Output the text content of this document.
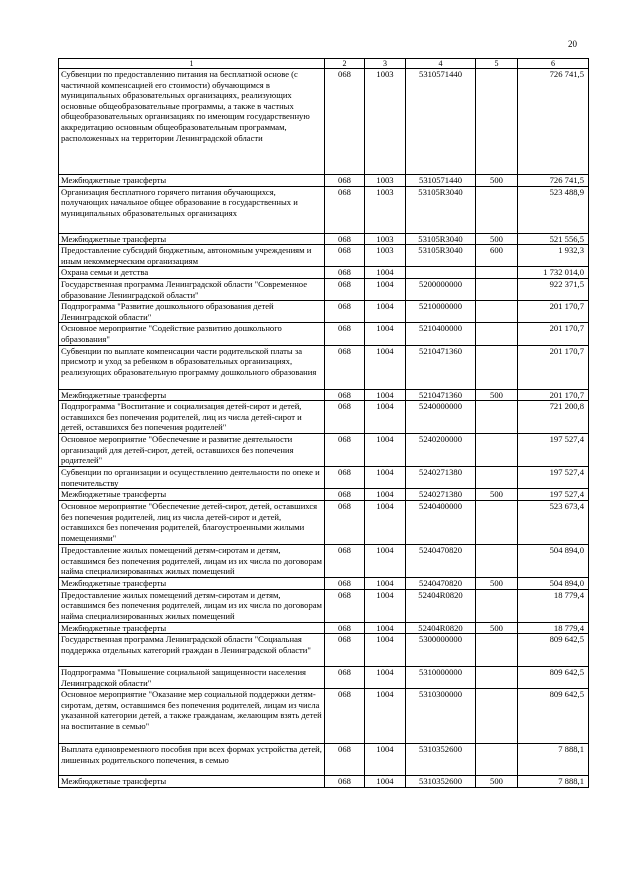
20
1	2	3	4	5	6
Субвенции по предоставлению питания на бесплатной основе (с частичной компенсацией его стоимости) обучающимся в муниципальных образовательных организациях, реализующих основные общеобразовательные программы, а также в частных общеобразовательных организациях по имеющим государственную аккредитацию основным общеобразовательным программам, расположенных на территории Ленинградской области	068	1003	5310571440		726 741,5
Межбюджетные трансферты	068	1003	5310571440	500	726 741,5
Организация бесплатного горячего питания обучающихся, получающих начальное общее образование в государственных и муниципальных образовательных организациях	068	1003	53105R3040		523 488,9
Межбюджетные трансферты	068	1003	53105R3040	500	521 556,5
Предоставление субсидий бюджетным, автономным учреждениям и иным некоммерческим организациям	068	1003	53105R3040	600	1 932,3
Охрана семьи и детства	068	1004			1 732 014,0
Государственная программа Ленинградской области "Современное образование Ленинградской области"	068	1004	5200000000		922 371,5
Подпрограмма "Развитие дошкольного образования детей Ленинградской области"	068	1004	5210000000		201 170,7
Основное мероприятие "Содействие развитию дошкольного образования"	068	1004	5210400000		201 170,7
Субвенции по выплате компенсации части родительской платы за присмотр и уход за ребенком в образовательных организациях, реализующих образовательную программу дошкольного образования	068	1004	5210471360		201 170,7
Межбюджетные трансферты	068	1004	5210471360	500	201 170,7
Подпрограмма "Воспитание и социализация детей-сирот и детей, оставшихся без попечения родителей, лиц из числа детей-сирот и детей, оставшихся без попечения родителей"	068	1004	5240000000		721 200,8
Основное мероприятие "Обеспечение и развитие деятельности организаций для детей-сирот, детей, оставшихся без попечения родителей"	068	1004	5240200000		197 527,4
Субвенции по организации и осуществлению деятельности по опеке и попечительству	068	1004	5240271380		197 527,4
Межбюджетные трансферты	068	1004	5240271380	500	197 527,4
Основное мероприятие "Обеспечение детей-сирот, детей, оставшихся без попечения родителей, лиц из числа детей-сирот и детей, оставшихся без попечения родителей, благоустроенными жилыми помещениями"	068	1004	5240400000		523 673,4
Предоставление жилых помещений детям-сиротам и детям, оставшимся без попечения родителей, лицам из их числа по договорам найма специализированных жилых помещений	068	1004	5240470820		504 894,0
Межбюджетные трансферты	068	1004	5240470820	500	504 894,0
Предоставление жилых помещений детям-сиротам и детям, оставшимся без попечения родителей, лицам из их числа по договорам найма специализированных жилых помещений	068	1004	52404R0820		18 779,4
Межбюджетные трансферты	068	1004	52404R0820	500	18 779,4
Государственная программа Ленинградской области "Социальная поддержка отдельных категорий граждан в Ленинградской области"	068	1004	5300000000		809 642,5
Подпрограмма "Повышение социальной защищенности населения Ленинградской области"	068	1004	5310000000		809 642,5
Основное мероприятие "Оказание мер социальной поддержки детям-сиротам, детям, оставшимся без попечения родителей, лицам из числа указанной категории детей, а также гражданам, желающим взять детей на воспитание в семью"	068	1004	5310300000		809 642,5
Выплата единовременного пособия при всех формах устройства детей, лишенных родительского попечения, в семью	068	1004	5310352600		7 888,1
Межбюджетные трансферты	068	1004	5310352600	500	7 888,1
